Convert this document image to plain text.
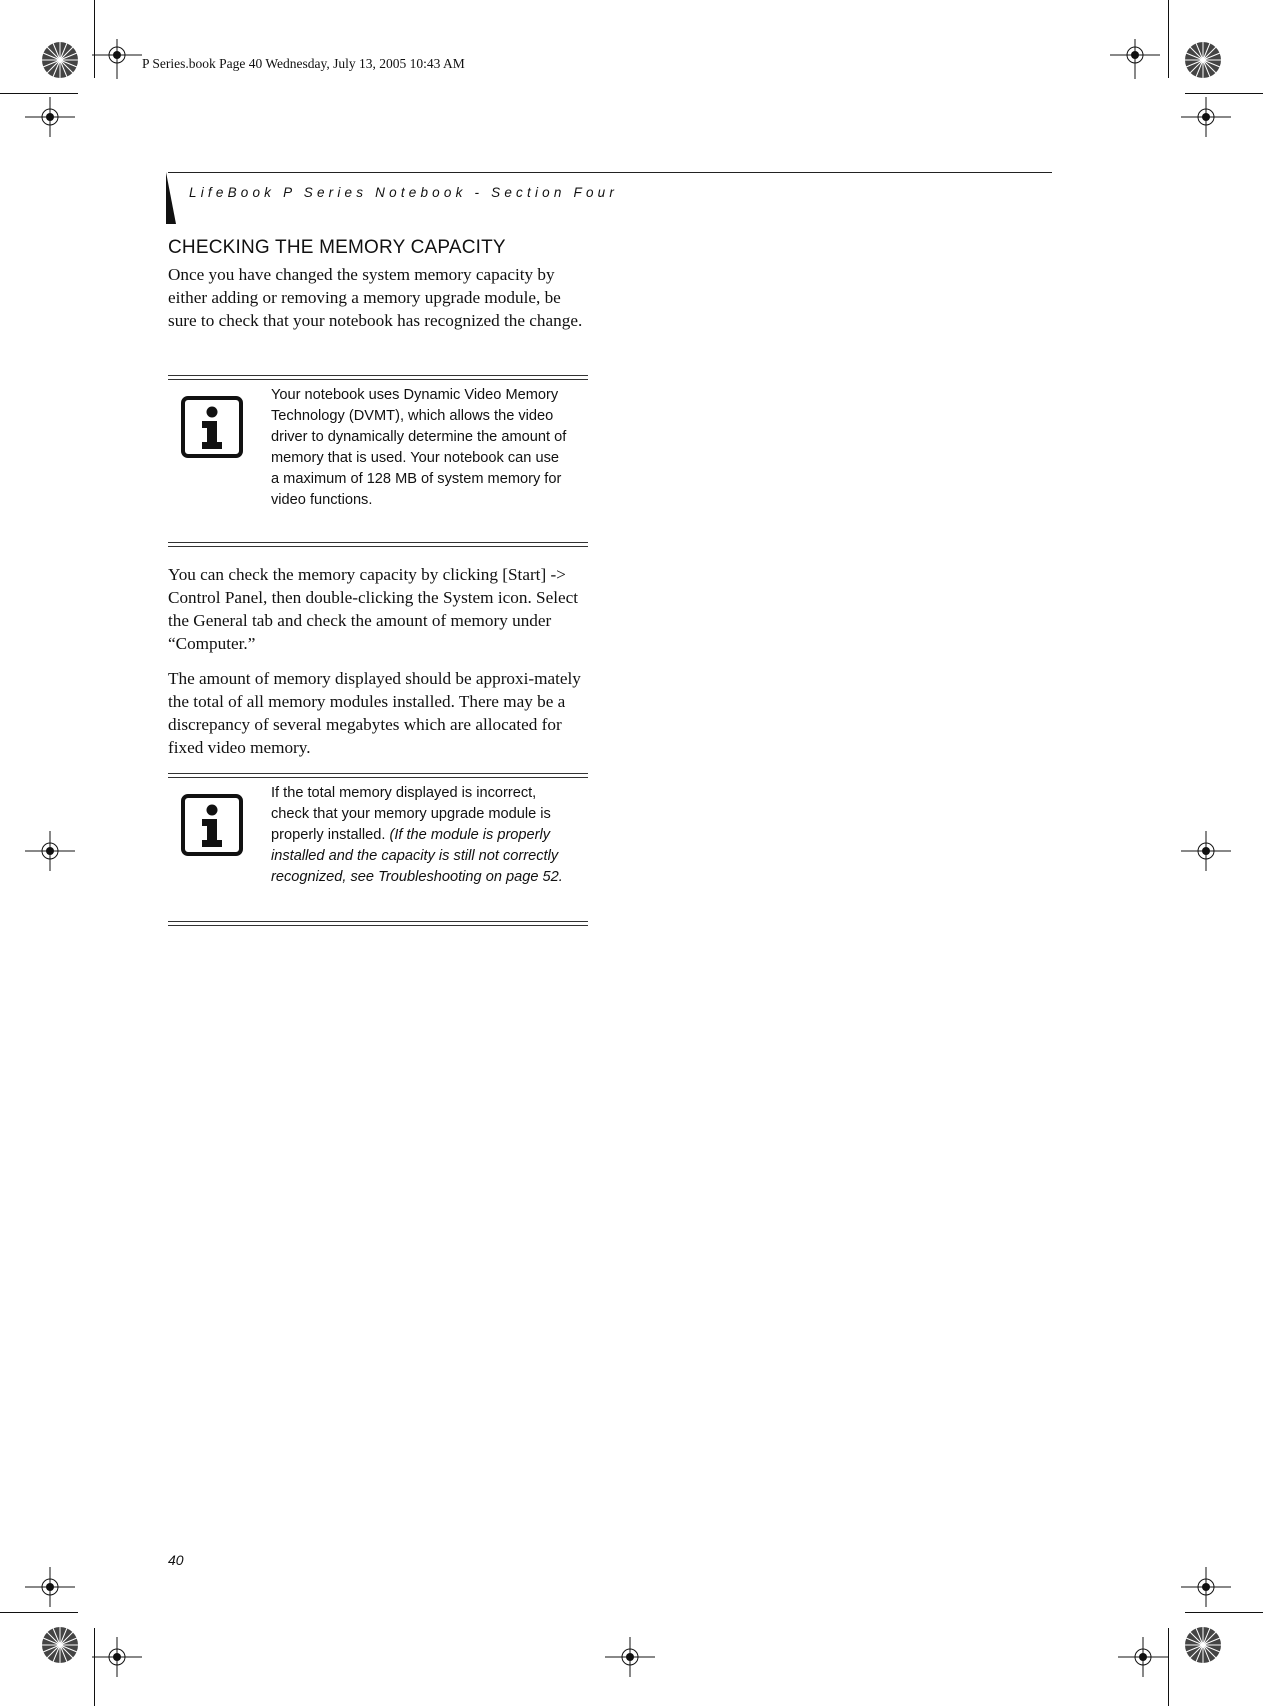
P Series.book Page 40 Wednesday, July 13, 2005 10:43 AM
LifeBook P Series Notebook - Section Four
CHECKING THE MEMORY CAPACITY
Once you have changed the system memory capacity by either adding or removing a memory upgrade module, be sure to check that your notebook has recognized the change.
Your notebook uses Dynamic Video Memory Technology (DVMT), which allows the video driver to dynamically determine the amount of memory that is used. Your notebook can use a maximum of 128 MB of system memory for video functions.
You can check the memory capacity by clicking [Start] -> Control Panel, then double-clicking the System icon. Select the General tab and check the amount of memory under “Computer.”
The amount of memory displayed should be approxi-mately the total of all memory modules installed. There may be a discrepancy of several megabytes which are allocated for fixed video memory.
If the total memory displayed is incorrect, check that your memory upgrade module is properly installed. (If the module is properly installed and the capacity is still not correctly recognized, see Troubleshooting on page 52.
40
